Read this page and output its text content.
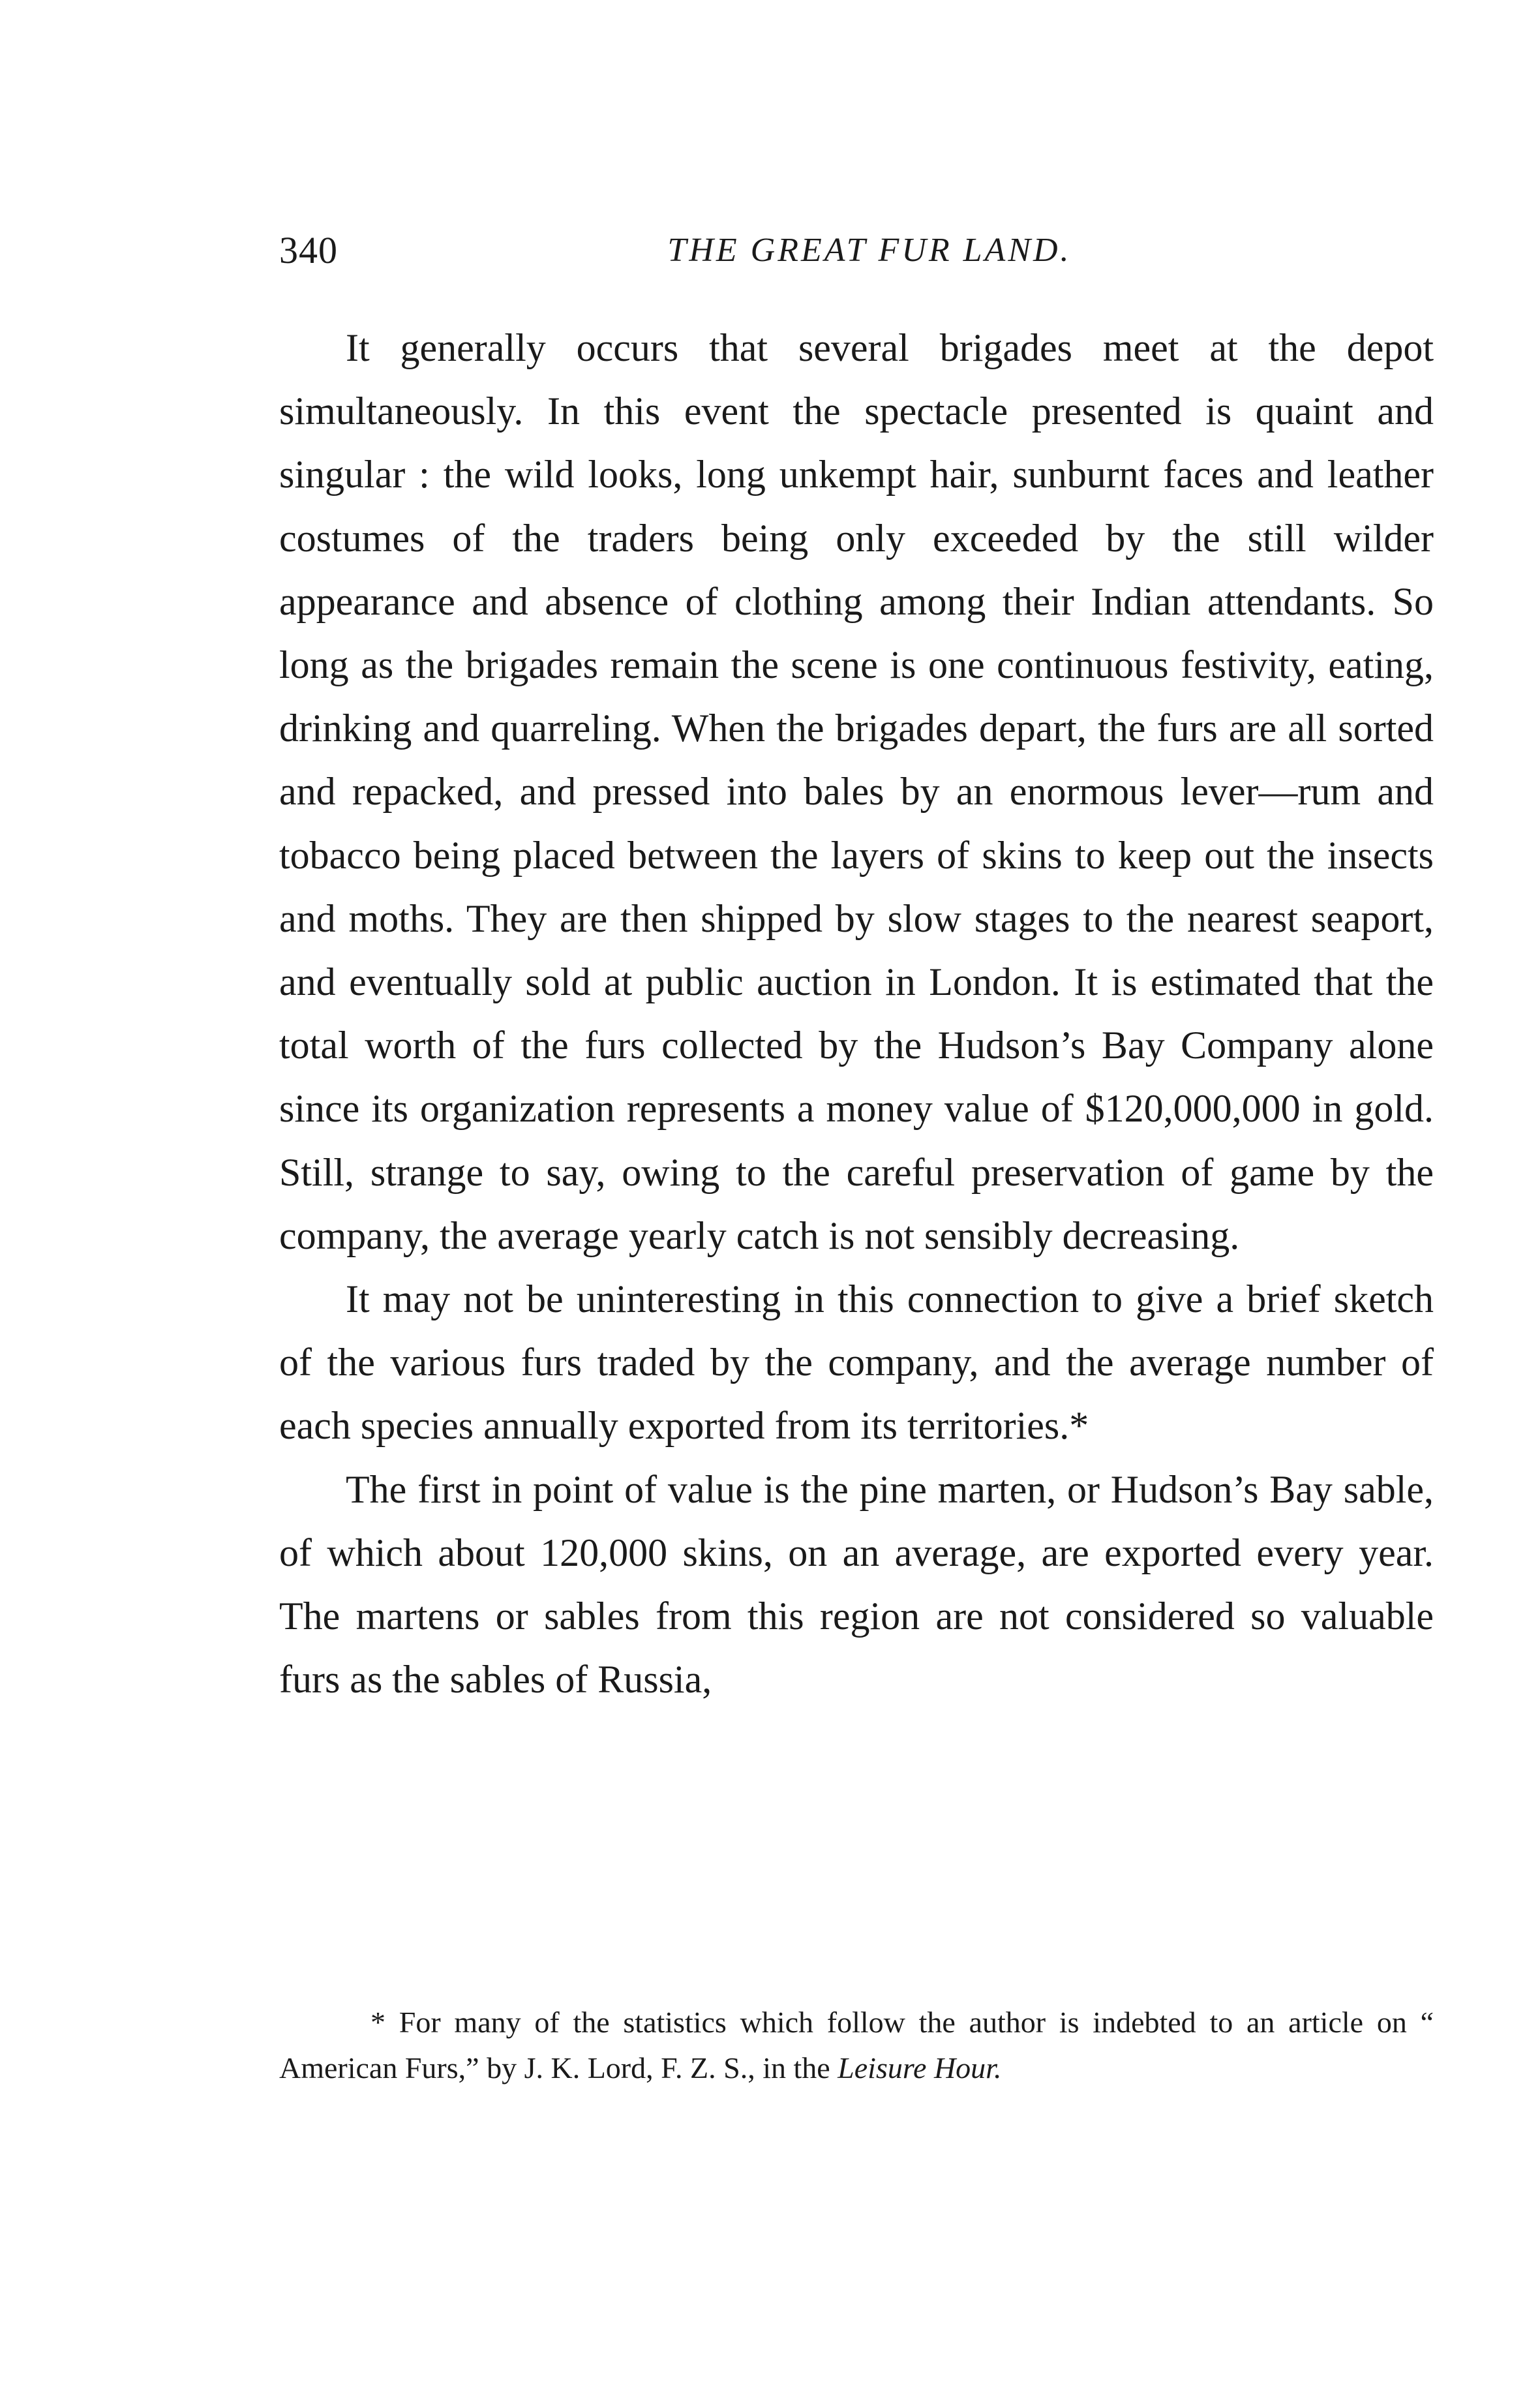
340	THE GREAT FUR LAND.

It generally occurs that several brigades meet at the depot simultaneously. In this event the spectacle presented is quaint and singular : the wild looks, long unkempt hair, sunburnt faces and leather costumes of the traders being only exceeded by the still wilder appearance and absence of clothing among their Indian attendants. So long as the brigades remain the scene is one continuous festivity, eating, drinking and quarreling. When the brigades depart, the furs are all sorted and repacked, and pressed into bales by an enormous lever—rum and tobacco being placed between the layers of skins to keep out the insects and moths. They are then shipped by slow stages to the nearest seaport, and eventually sold at public auction in London. It is estimated that the total worth of the furs collected by the Hudson’s Bay Company alone since its organization represents a money value of $120,000,000 in gold. Still, strange to say, owing to the careful preservation of game by the company, the average yearly catch is not sensibly decreasing.

It may not be uninteresting in this connection to give a brief sketch of the various furs traded by the company, and the average number of each species annually exported from its territories.*

The first in point of value is the pine marten, or Hudson’s Bay sable, of which about 120,000 skins, on an average, are exported every year. The martens or sables from this region are not considered so valuable furs as the sables of Russia,

* For many of the statistics which follow the author is indebted to an article on “ American Furs,” by J. K. Lord, F. Z. S., in the Leisure Hour.
